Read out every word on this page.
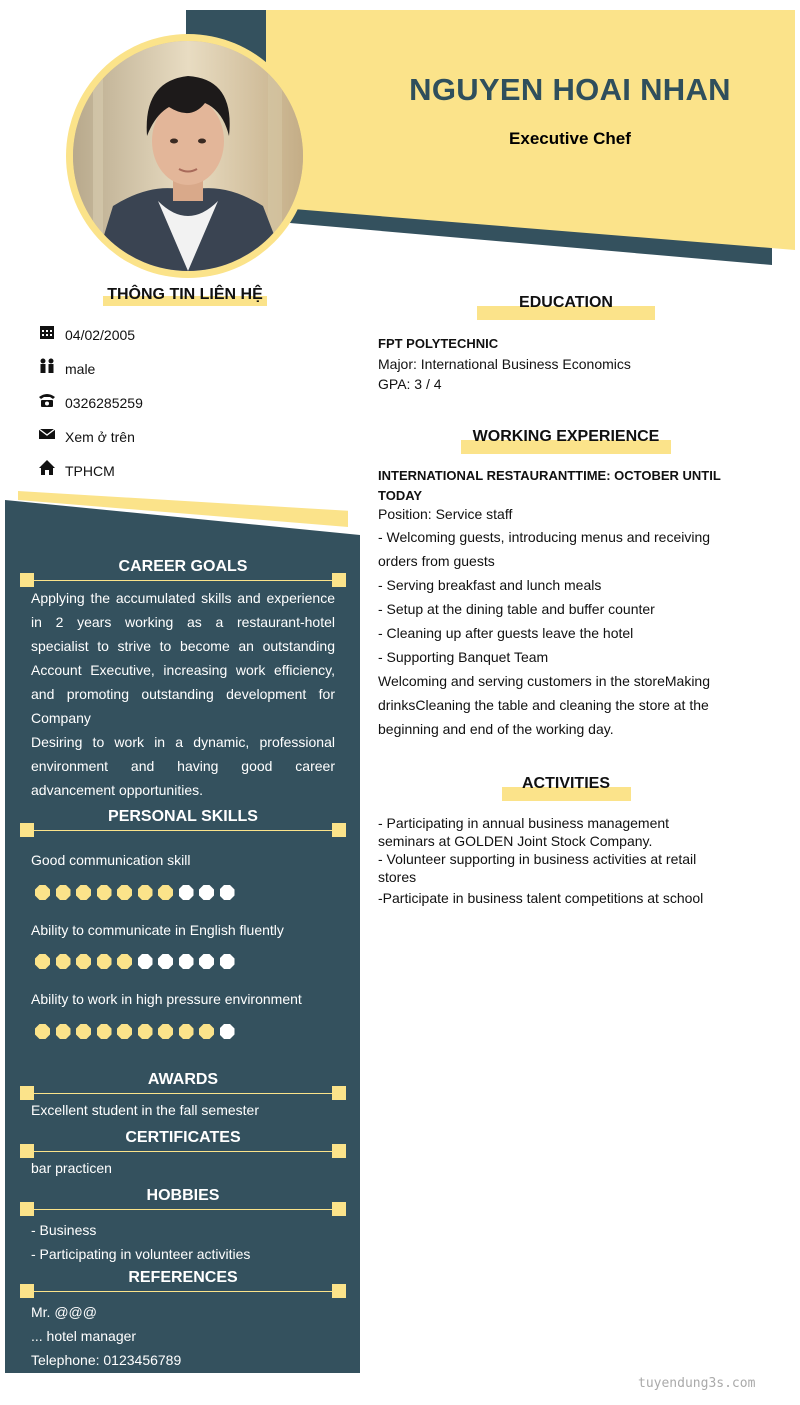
NGUYEN HOAI NHAN
Executive Chef
THÔNG TIN LIÊN HỆ
04/02/2005
male
0326285259
Xem ở trên
TPHCM
CAREER GOALS
Applying the accumulated skills and experience in 2 years working as a restaurant-hotel specialist to strive to become an outstanding Account Executive, increasing work efficiency, and promoting outstanding development for Company
Desiring to work in a dynamic, professional environment and having good career advancement opportunities.
PERSONAL SKILLS
Good communication skill
Ability to communicate in English fluently
Ability to work in high pressure environment
AWARDS
Excellent student in the fall semester
CERTIFICATES
bar practicen
HOBBIES
- Business
- Participating in volunteer activities
REFERENCES
Mr. @@@
... hotel manager
Telephone: 0123456789
EDUCATION
FPT POLYTECHNIC
Major: International Business Economics
GPA: 3 / 4
WORKING EXPERIENCE
INTERNATIONAL RESTAURANTTIME: OCTOBER UNTIL TODAY
Position: Service staff
- Welcoming guests, introducing menus and receiving orders from guests
- Serving breakfast and lunch meals
- Setup at the dining table and buffer counter
- Cleaning up after guests leave the hotel
- Supporting Banquet Team
Welcoming and serving customers in the storeMaking drinksCleaning the table and cleaning the store at the beginning and end of the working day.
ACTIVITIES
- Participating in annual business management seminars at GOLDEN Joint Stock Company.
- Volunteer supporting in business activities at retail stores
-Participate in business talent competitions at school
tuyendung3s.com
